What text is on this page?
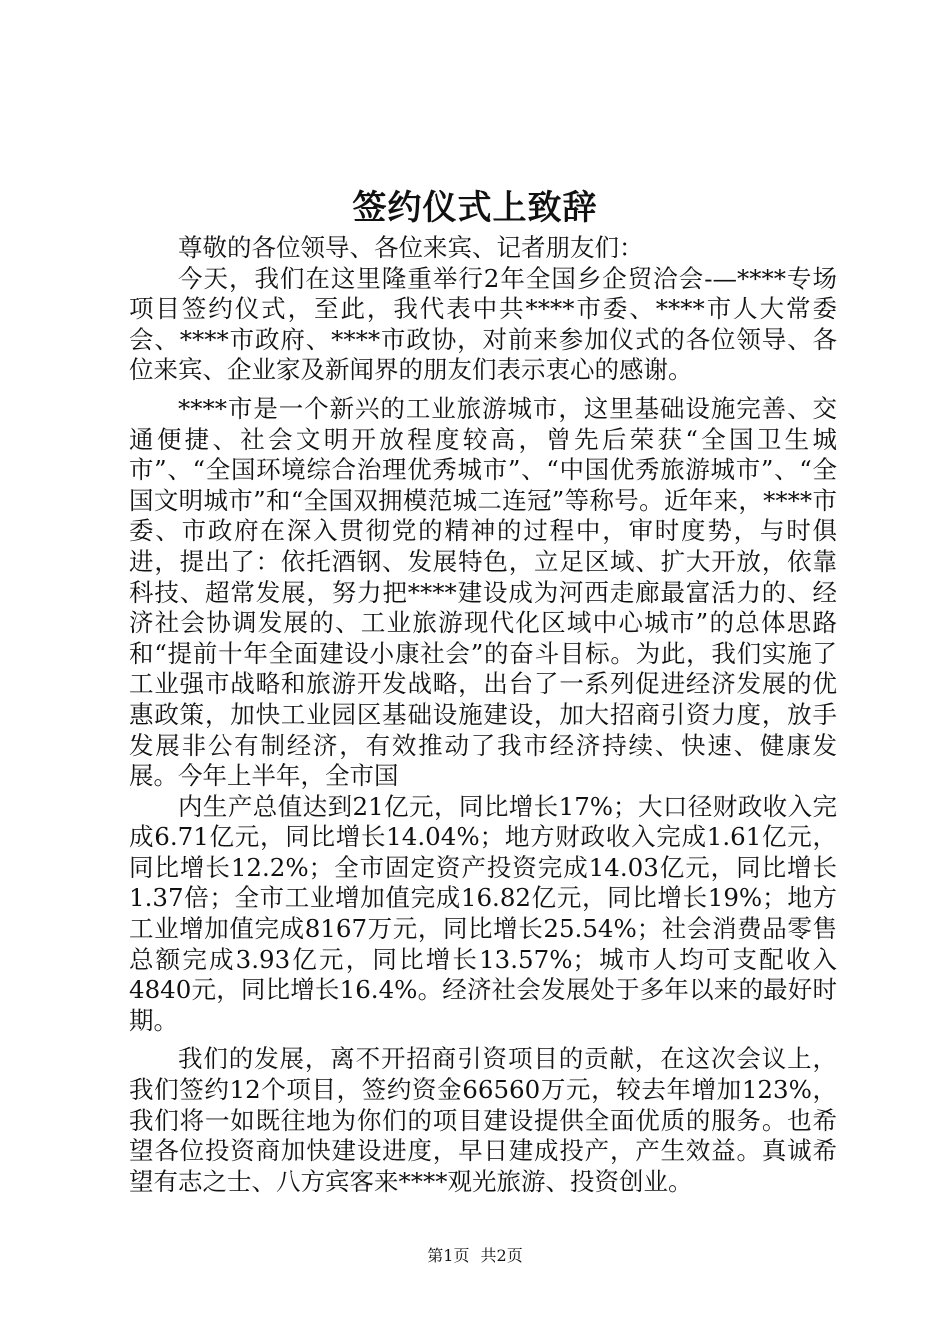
签约仪式上致辞

尊敬的各位领导、各位来宾、记者朋友们：

今天，我们在这里隆重举行2年全国乡企贸洽会-—****专场项目签约仪式，至此，我代表中共****市委、****市人大常委会、****市政府、****市政协，对前来参加仪式的各位领导、各位来宾、企业家及新闻界的朋友们表示衷心的感谢。

****市是一个新兴的工业旅游城市，这里基础设施完善、交通便捷、社会文明开放程度较高，曾先后荣获“全国卫生城市”、“全国环境综合治理优秀城市”、“中国优秀旅游城市”、“全国文明城市”和“全国双拥模范城二连冠”等称号。近年来，****市委、市政府在深入贯彻党的精神的过程中，审时度势，与时俱进，提出了：依托酒钢、发展特色，立足区域、扩大开放，依靠科技、超常发展，努力把****建设成为河西走廊最富活力的、经济社会协调发展的、工业旅游现代化区域中心城市”的总体思路和“提前十年全面建设小康社会”的奋斗目标。为此，我们实施了工业强市战略和旅游开发战略，出台了一系列促进经济发展的优惠政策，加快工业园区基础设施建设，加大招商引资力度，放手发展非公有制经济，有效推动了我市经济持续、快速、健康发展。今年上半年，全市国

内生产总值达到21亿元，同比增长17%；大口径财政收入完成6.71亿元，同比增长14.04%；地方财政收入完成1.61亿元，同比增长12.2%；全市固定资产投资完成14.03亿元，同比增长1.37倍；全市工业增加值完成16.82亿元，同比增长19%；地方工业增加值完成8167万元，同比增长25.54%；社会消费品零售总额完成3.93亿元，同比增长13.57%；城市人均可支配收入4840元，同比增长16.4%。经济社会发展处于多年以来的最好时期。

我们的发展，离不开招商引资项目的贡献，在这次会议上，我们签约12个项目，签约资金66560万元，较去年增加123%，我们将一如既往地为你们的项目建设提供全面优质的服务。也希望各位投资商加快建设进度，早日建成投产，产生效益。真诚希望有志之士、八方宾客来****观光旅游、投资创业。

第1页 共2页
